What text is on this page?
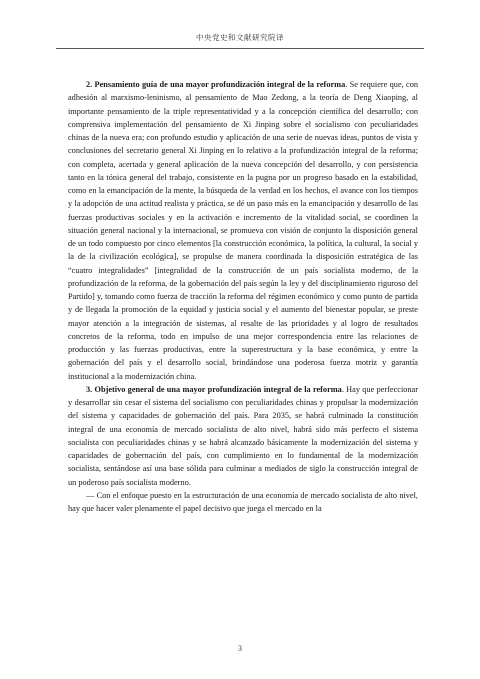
中央党史和文献研究院译

2. Pensamiento guía de una mayor profundización integral de la reforma. Se requiere que, con adhesión al marxismo-leninismo, al pensamiento de Mao Zedong, a la teoría de Deng Xiaoping, al importante pensamiento de la triple representatividad y a la concepción científica del desarrollo; con comprensiva implementación del pensamiento de Xi Jinping sobre el socialismo con peculiaridades chinas de la nueva era; con profundo estudio y aplicación de una serie de nuevas ideas, puntos de vista y conclusiones del secretario general Xi Jinping en lo relativo a la profundización integral de la reforma; con completa, acertada y general aplicación de la nueva concepción del desarrollo, y con persistencia tanto en la tónica general del trabajo, consistente en la pugna por un progreso basado en la estabilidad, como en la emancipación de la mente, la búsqueda de la verdad en los hechos, el avance con los tiempos y la adopción de una actitud realista y práctica, se dé un paso más en la emancipación y desarrollo de las fuerzas productivas sociales y en la activación e incremento de la vitalidad social, se coordinen la situación general nacional y la internacional, se promueva con visión de conjunto la disposición general de un todo compuesto por cinco elementos [la construcción económica, la política, la cultural, la social y la de la civilización ecológica], se propulse de manera coordinada la disposición estratégica de las “cuatro integralidades” [integralidad de la construcción de un país socialista moderno, de la profundización de la reforma, de la gobernación del país según la ley y del disciplinamiento riguroso del Partido] y, tomando como fuerza de tracción la reforma del régimen económico y como punto de partida y de llegada la promoción de la equidad y justicia social y el aumento del bienestar popular, se preste mayor atención a la integración de sistemas, al resalte de las prioridades y al logro de resultados concretos de la reforma, todo en impulso de una mejor correspondencia entre las relaciones de producción y las fuerzas productivas, entre la superestructura y la base económica, y entre la gobernación del país y el desarrollo social, brindándose una poderosa fuerza motriz y garantía institucional a la modernización china.

3. Objetivo general de una mayor profundización integral de la reforma. Hay que perfeccionar y desarrollar sin cesar el sistema del socialismo con peculiaridades chinas y propulsar la modernización del sistema y capacidades de gobernación del país. Para 2035, se habrá culminado la constitución integral de una economía de mercado socialista de alto nivel, habrá sido más perfecto el sistema socialista con peculiaridades chinas y se habrá alcanzado básicamente la modernización del sistema y capacidades de gobernación del país, con cumplimiento en lo fundamental de la modernización socialista, sentándose así una base sólida para culminar a mediados de siglo la construcción integral de un poderoso país socialista moderno.

— Con el enfoque puesto en la estructuración de una economía de mercado socialista de alto nivel, hay que hacer valer plenamente el papel decisivo que juega el mercado en la

3
